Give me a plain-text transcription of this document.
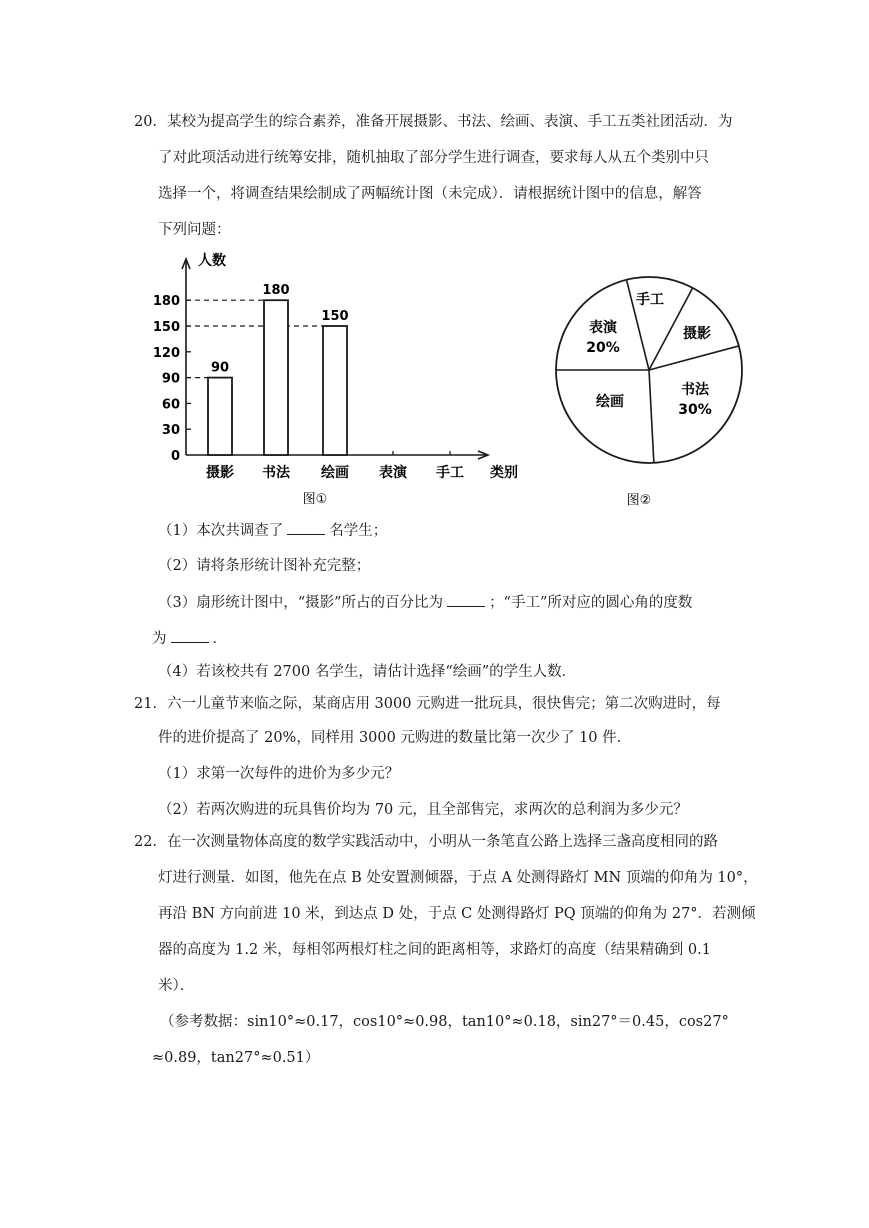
20．某校为提高学生的综合素养，准备开展摄影、书法、绘画、表演、手工五类社团活动．为
了对此项活动进行统筹安排，随机抽取了部分学生进行调查，要求每人从五个类别中只
选择一个，将调查结果绘制成了两幅统计图（未完成）．请根据统计图中的信息，解答
下列问题：
人数
类别
0
30
60
90
120
150
180
90
摄影
180
书法
150
绘画 表演 手工
图①
手工
摄影
书法
30%
绘画
表演
20%
图②
（1）本次共调查了	名学生；
（2）请将条形统计图补充完整；
（3）扇形统计图中，“摄影”所占的百分比为	；“手工”所对应的圆心角的度数
为	．
（4）若该校共有 2700 名学生，请估计选择“绘画”的学生人数．
21．六一儿童节来临之际，某商店用 3000 元购进一批玩具，很快售完；第二次购进时，每
件的进价提高了 20%，同样用 3000 元购进的数量比第一次少了 10 件．
（1）求第一次每件的进价为多少元？
（2）若两次购进的玩具售价均为 70 元，且全部售完，求两次的总利润为多少元？
22．在一次测量物体高度的数学实践活动中，小明从一条笔直公路上选择三盏高度相同的路
灯进行测量．如图，他先在点 B 处安置测倾器，于点 A 处测得路灯 MN 顶端的仰角为 10°，
再沿 BN 方向前进 10 米，到达点 D 处，于点 C 处测得路灯 PQ 顶端的仰角为 27°．若测倾
器的高度为 1.2 米，每相邻两根灯柱之间的距离相等，求路灯的高度（结果精确到 0.1
米）．
（参考数据：sin10°≈0.17，cos10°≈0.98，tan10°≈0.18，sin27°＝0.45，cos27°
≈0.89，tan27°≈0.51）
